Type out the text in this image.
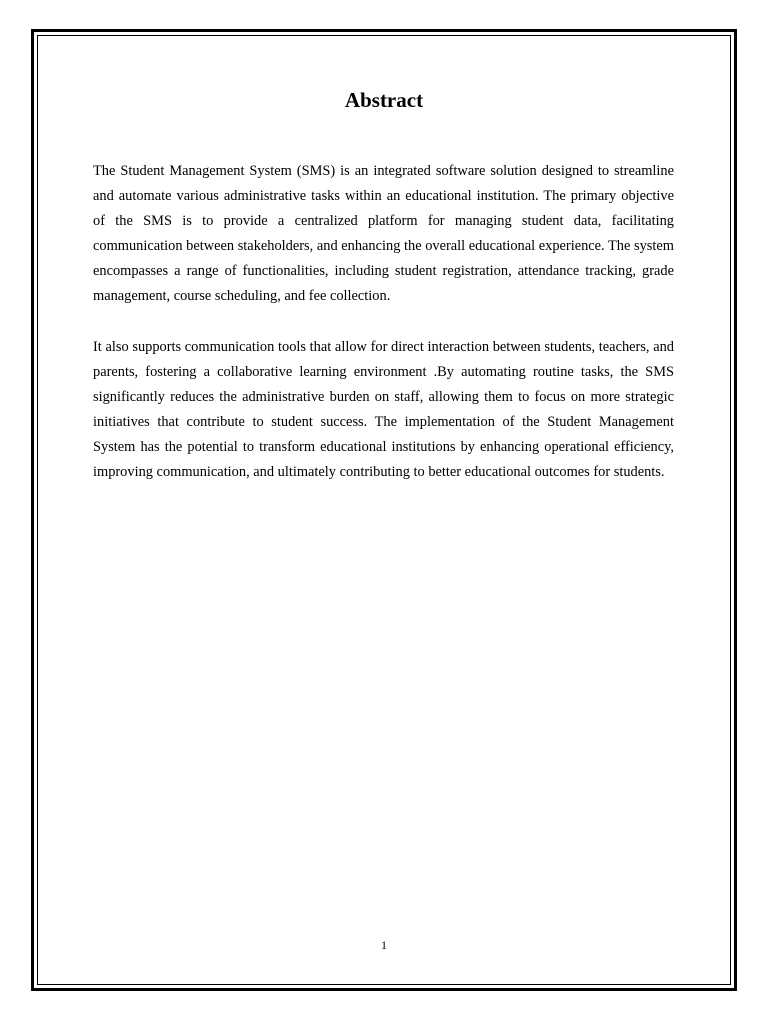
Abstract

The Student Management System (SMS) is an integrated software solution designed to streamline and automate various administrative tasks within an educational institution. The primary objective of the SMS is to provide a centralized platform for managing student data, facilitating communication between stakeholders, and enhancing the overall educational experience. The system encompasses a range of functionalities, including student registration, attendance tracking, grade management, course scheduling, and fee collection.

It also supports communication tools that allow for direct interaction between students, teachers, and parents, fostering a collaborative learning environment .By automating routine tasks, the SMS significantly reduces the administrative burden on staff, allowing them to focus on more strategic initiatives that contribute to student success. The implementation of the Student Management System has the potential to transform educational institutions by enhancing operational efficiency, improving communication, and ultimately contributing to better educational outcomes for students.

1
